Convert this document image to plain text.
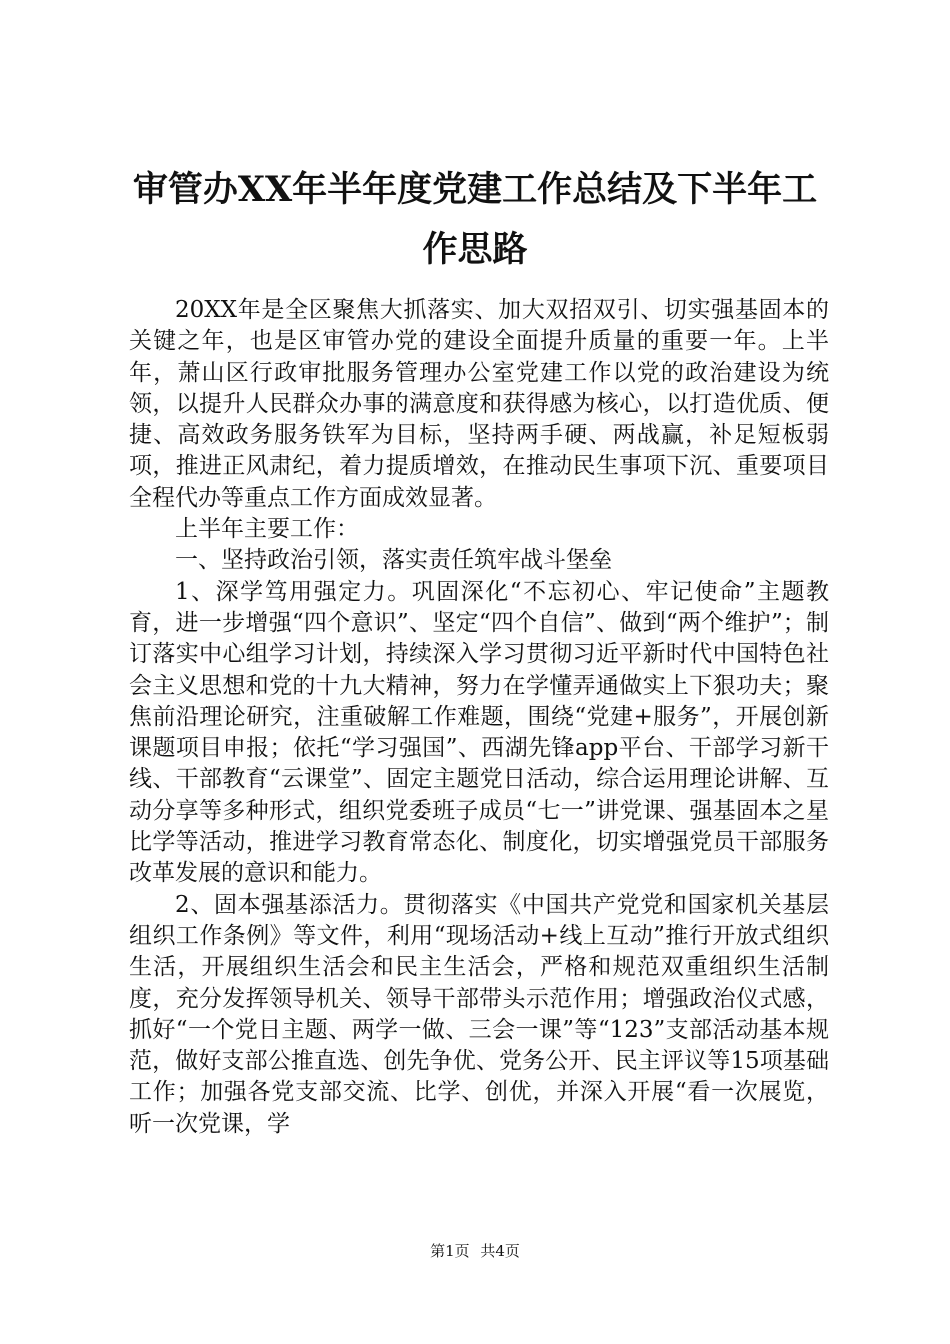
审管办XX年半年度党建工作总结及下半年工作思路

20XX年是全区聚焦大抓落实、加大双招双引、切实强基固本的关键之年，也是区审管办党的建设全面提升质量的重要一年。上半年，萧山区行政审批服务管理办公室党建工作以党的政治建设为统领，以提升人民群众办事的满意度和获得感为核心，以打造优质、便捷、高效政务服务铁军为目标，坚持两手硬、两战赢，补足短板弱项，推进正风肃纪，着力提质增效，在推动民生事项下沉、重要项目全程代办等重点工作方面成效显著。

上半年主要工作：

一、坚持政治引领，落实责任筑牢战斗堡垒

1、深学笃用强定力。巩固深化“不忘初心、牢记使命”主题教育，进一步增强“四个意识”、坚定“四个自信”、做到“两个维护”；制订落实中心组学习计划，持续深入学习贯彻习近平新时代中国特色社会主义思想和党的十九大精神，努力在学懂弄通做实上下狠功夫；聚焦前沿理论研究，注重破解工作难题，围绕“党建+服务”，开展创新课题项目申报；依托“学习强国”、西湖先锋app平台、干部学习新干线、干部教育“云课堂”、固定主题党日活动，综合运用理论讲解、互动分享等多种形式，组织党委班子成员“七一”讲党课、强基固本之星比学等活动，推进学习教育常态化、制度化，切实增强党员干部服务改革发展的意识和能力。

2、固本强基添活力。贯彻落实《中国共产党党和国家机关基层组织工作条例》等文件，利用“现场活动+线上互动”推行开放式组织生活，开展组织生活会和民主生活会，严格和规范双重组织生活制度，充分发挥领导机关、领导干部带头示范作用；增强政治仪式感，抓好“一个党日主题、两学一做、三会一课”等“123”支部活动基本规范，做好支部公推直选、创先争优、党务公开、民主评议等15项基础工作；加强各党支部交流、比学、创优，并深入开展“看一次展览，听一次党课，学

第1页 共4页
